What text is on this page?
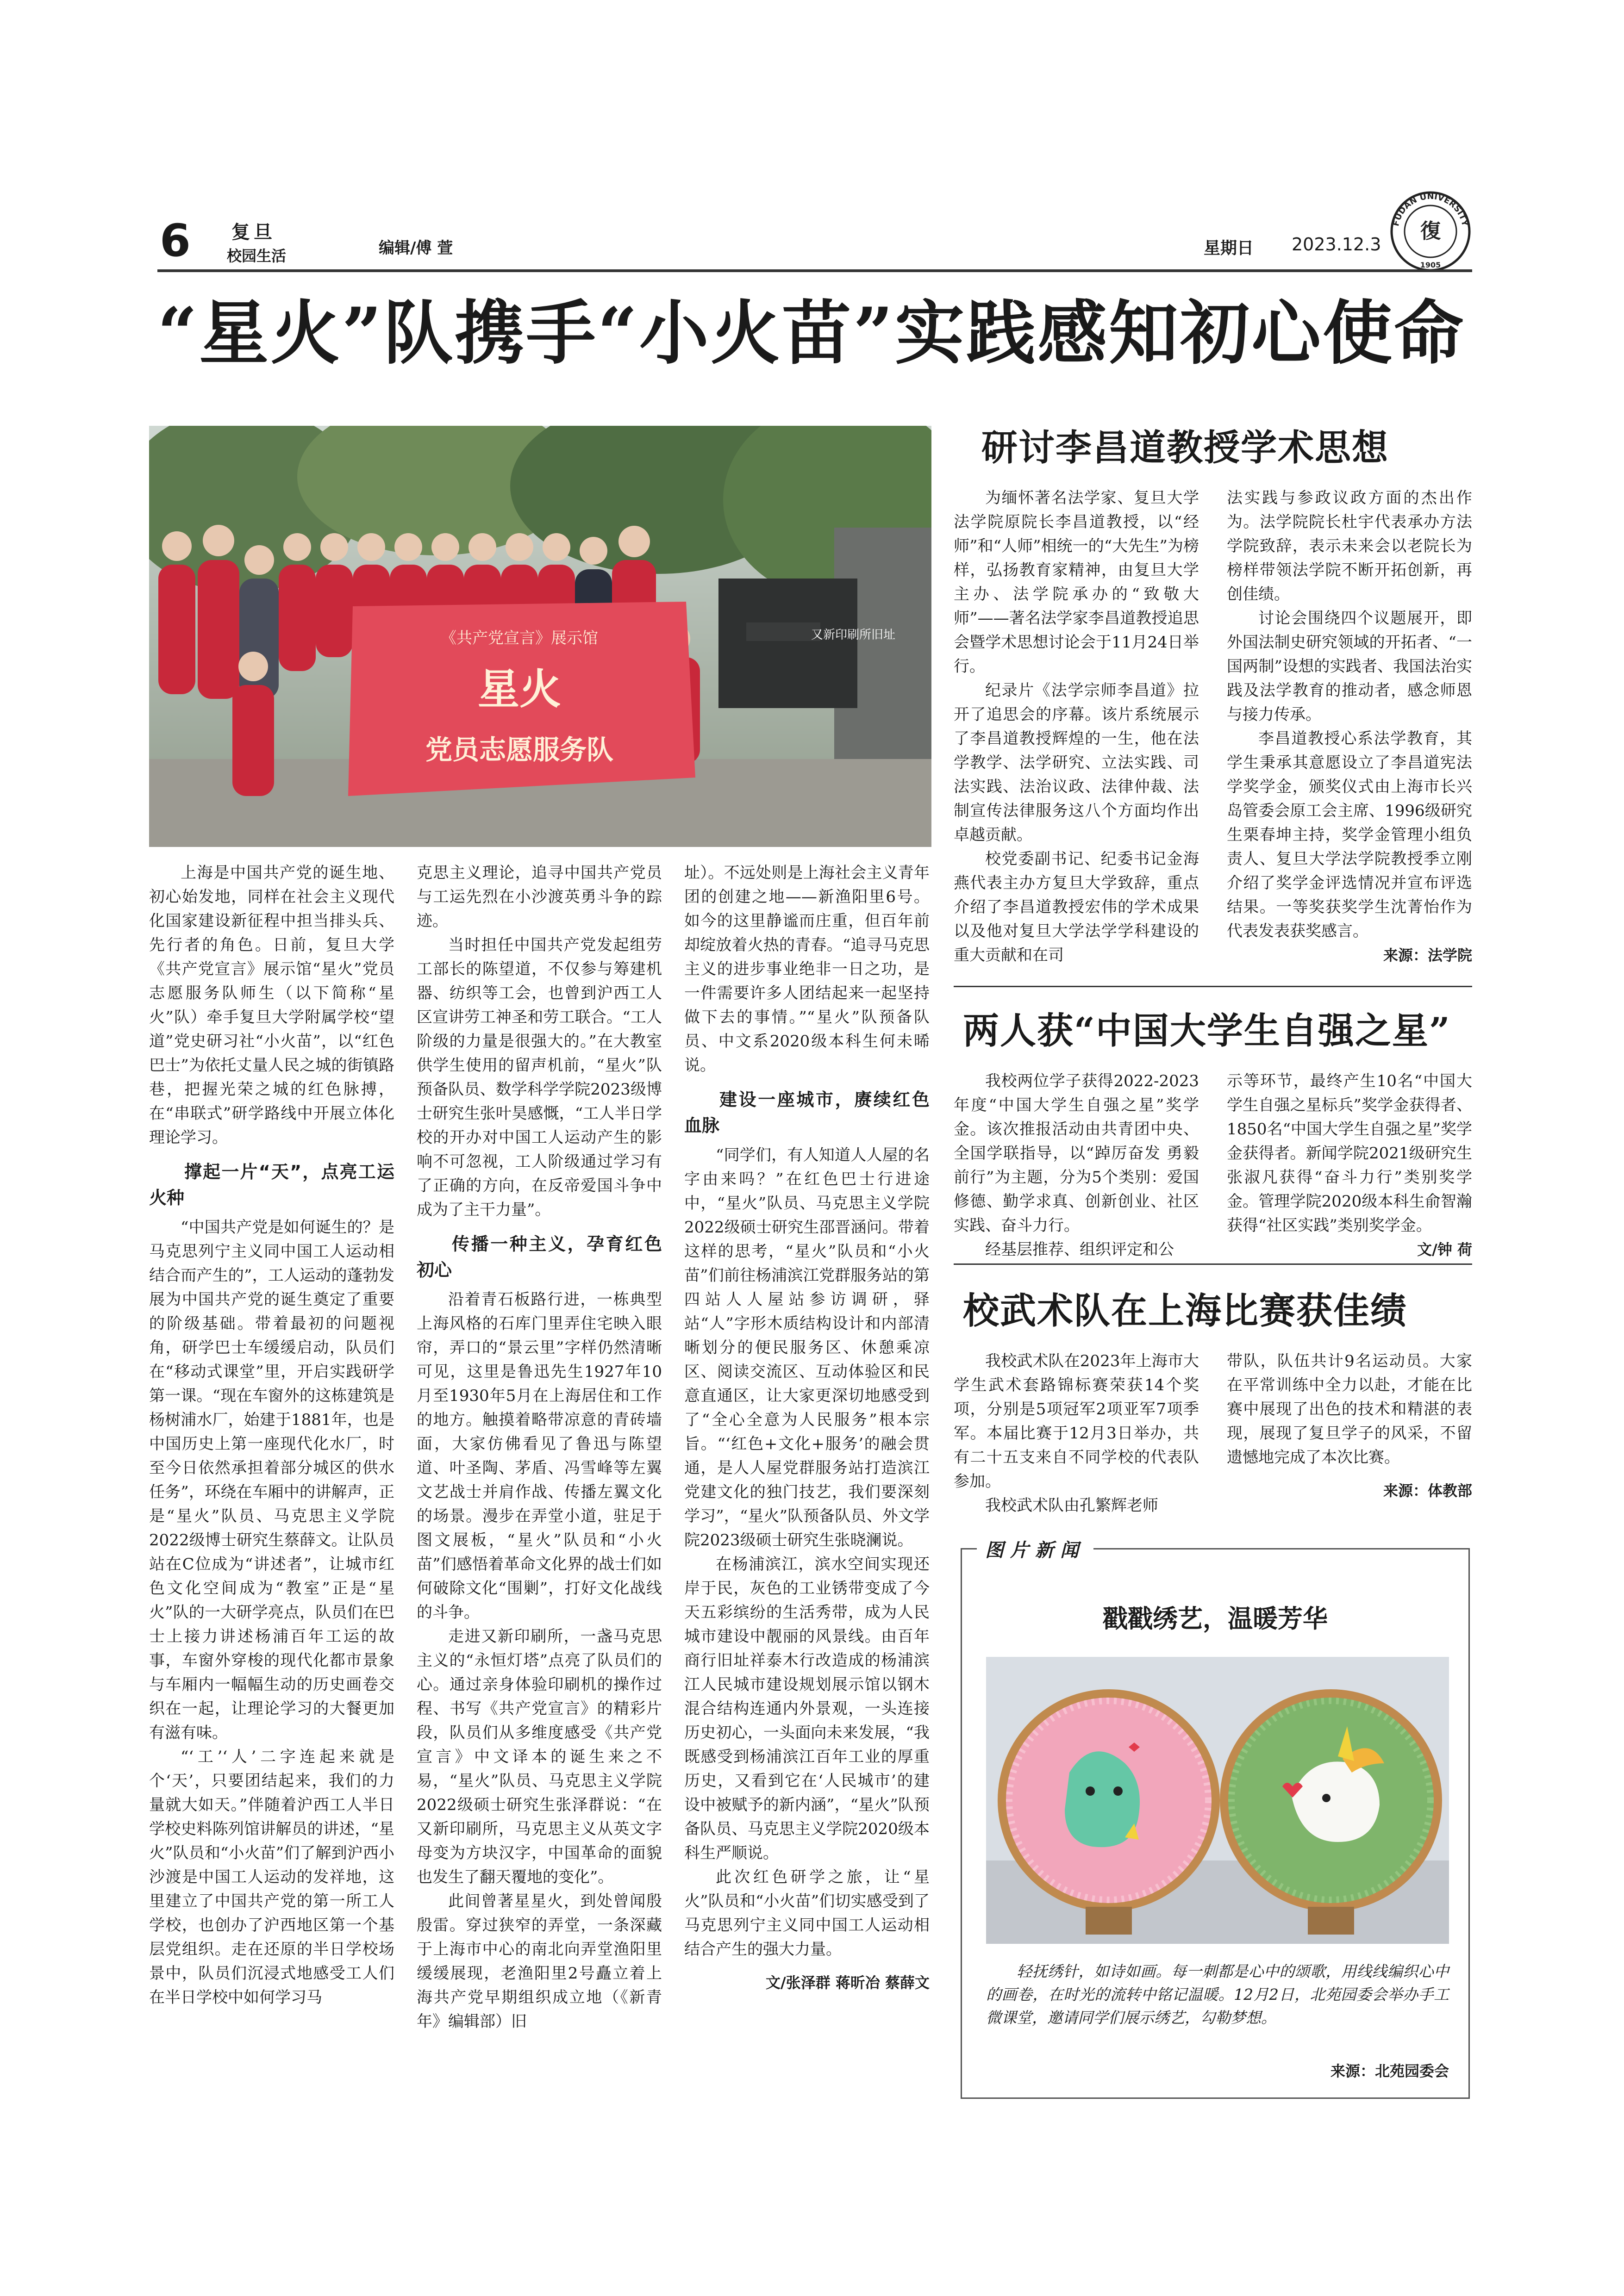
6 复旦
校园生活	编辑/傅 萱	星期日 2023.12.3
FUDAN UNIVERSITY
1905
復
“星火”队携手“小火苗”实践感知初心使命
又新印刷所旧址
《共产党宣言》展示馆
星火
党员志愿服务队

上海是中国共产党的诞生地、初心始发地，同样在社会主义现代化国家建设新征程中担当排头兵、先行者的角色。日前，复旦大学《共产党宣言》展示馆“星火”党员志愿服务队师生（以下简称“星火”队）牵手复旦大学附属学校“望道”党史研习社“小火苗”，以“红色巴士”为依托丈量人民之城的街镇路巷，把握光荣之城的红色脉搏，在“串联式”研学路线中开展立体化理论学习。

撑起一片“天”，点亮工运火种

“中国共产党是如何诞生的？是马克思列宁主义同中国工人运动相结合而产生的”，工人运动的蓬勃发展为中国共产党的诞生奠定了重要的阶级基础。带着最初的问题视角，研学巴士车缓缓启动，队员们在“移动式课堂”里，开启实践研学第一课。“现在车窗外的这栋建筑是杨树浦水厂，始建于1881年，也是中国历史上第一座现代化水厂，时至今日依然承担着部分城区的供水任务”，环绕在车厢中的讲解声，正是“星火”队员、马克思主义学院2022级博士研究生蔡薛文。让队员站在C位成为“讲述者”，让城市红色文化空间成为“教室”正是“星火”队的一大研学亮点，队员们在巴士上接力讲述杨浦百年工运的故事，车窗外穿梭的现代化都市景象与车厢内一幅幅生动的历史画卷交织在一起，让理论学习的大餐更加有滋有味。

“‘工’‘人’二字连起来就是个‘天’，只要团结起来，我们的力量就大如天。”伴随着沪西工人半日学校史料陈列馆讲解员的讲述，“星火”队员和“小火苗”们了解到沪西小沙渡是中国工人运动的发祥地，这里建立了中国共产党的第一所工人学校，也创办了沪西地区第一个基层党组织。走在还原的半日学校场景中，队员们沉浸式地感受工人们在半日学校中如何学习马

克思主义理论，追寻中国共产党员与工运先烈在小沙渡英勇斗争的踪迹。

当时担任中国共产党发起组劳工部长的陈望道，不仅参与筹建机器、纺织等工会，也曾到沪西工人区宣讲劳工神圣和劳工联合。“工人阶级的力量是很强大的。”在大教室供学生使用的留声机前，“星火”队预备队员、数学科学学院2023级博士研究生张叶昊感慨，“工人半日学校的开办对中国工人运动产生的影响不可忽视，工人阶级通过学习有了正确的方向，在反帝爱国斗争中成为了主干力量”。

传播一种主义，孕育红色初心

沿着青石板路行进，一栋典型上海风格的石库门里弄住宅映入眼帘，弄口的“景云里”字样仍然清晰可见，这里是鲁迅先生1927年10月至1930年5月在上海居住和工作的地方。触摸着略带凉意的青砖墙面，大家仿佛看见了鲁迅与陈望道、叶圣陶、茅盾、冯雪峰等左翼文艺战士并肩作战、传播左翼文化的场景。漫步在弄堂小道，驻足于图文展板，“星火”队员和“小火苗”们感悟着革命文化界的战士们如何破除文化“围剿”，打好文化战线的斗争。

走进又新印刷所，一盏马克思主义的“永恒灯塔”点亮了队员们的心。通过亲身体验印刷机的操作过程、书写《共产党宣言》的精彩片段，队员们从多维度感受《共产党宣言》中文译本的诞生来之不易，“星火”队员、马克思主义学院2022级硕士研究生张泽群说：“在又新印刷所，马克思主义从英文字母变为方块汉字，中国革命的面貌也发生了翻天覆地的变化”。

此间曾著星星火，到处曾闻殷殷雷。穿过狭窄的弄堂，一条深藏于上海市中心的南北向弄堂渔阳里缓缓展现，老渔阳里2号矗立着上海共产党早期组织成立地（《新青年》编辑部）旧

址）。不远处则是上海社会主义青年团的创建之地——新渔阳里6号。如今的这里静谧而庄重，但百年前却绽放着火热的青春。“追寻马克思主义的进步事业绝非一日之功，是一件需要许多人团结起来一起坚持做下去的事情。”“星火”队预备队员、中文系2020级本科生何未晞说。

建设一座城市，赓续红色血脉

“同学们，有人知道人人屋的名字由来吗？”在红色巴士行进途中，“星火”队员、马克思主义学院2022级硕士研究生邵晋涵问。带着这样的思考，“星火”队员和“小火苗”们前往杨浦滨江党群服务站的第四站人人屋站参访调研，驿站“人”字形木质结构设计和内部清晰划分的便民服务区、休憩乘凉区、阅读交流区、互动体验区和民意直通区，让大家更深切地感受到了“全心全意为人民服务”根本宗旨。“‘红色+文化+服务’的融会贯通，是人人屋党群服务站打造滨江党建文化的独门技艺，我们要深刻学习”，“星火”队预备队员、外文学院2023级硕士研究生张晓澜说。

在杨浦滨江，滨水空间实现还岸于民，灰色的工业锈带变成了今天五彩缤纷的生活秀带，成为人民城市建设中靓丽的风景线。由百年商行旧址祥泰木行改造成的杨浦滨江人民城市建设规划展示馆以钢木混合结构连通内外景观，一头连接历史初心，一头面向未来发展，“我既感受到杨浦滨江百年工业的厚重历史，又看到它在‘人民城市’的建设中被赋予的新内涵”，“星火”队预备队员、马克思主义学院2020级本科生严顺说。

此次红色研学之旅，让“星火”队员和“小火苗”们切实感受到了马克思列宁主义同中国工人运动相结合产生的强大力量。

文/张泽群 蒋昕冶 蔡薛文
研讨李昌道教授学术思想

为缅怀著名法学家、复旦大学法学院原院长李昌道教授，以“经师”和“人师”相统一的“大先生”为榜样，弘扬教育家精神，由复旦大学主办、法学院承办的“致敬大师”——著名法学家李昌道教授追思会暨学术思想讨论会于11月24日举行。

纪录片《法学宗师李昌道》拉开了追思会的序幕。该片系统展示了李昌道教授辉煌的一生，他在法学教学、法学研究、立法实践、司法实践、法治议政、法律仲裁、法制宣传法律服务这八个方面均作出卓越贡献。

校党委副书记、纪委书记金海燕代表主办方复旦大学致辞，重点介绍了李昌道教授宏伟的学术成果以及他对复旦大学法学学科建设的重大贡献和在司

法实践与参政议政方面的杰出作为。法学院院长杜宇代表承办方法学院致辞，表示未来会以老院长为榜样带领法学院不断开拓创新，再创佳绩。

讨论会围绕四个议题展开，即外国法制史研究领域的开拓者、“一国两制”设想的实践者、我国法治实践及法学教育的推动者，感念师恩与接力传承。

李昌道教授心系法学教育，其学生秉承其意愿设立了李昌道宪法学奖学金，颁奖仪式由上海市长兴岛管委会原工会主席、1996级研究生栗春坤主持，奖学金管理小组负责人、复旦大学法学院教授季立刚介绍了奖学金评选情况并宣布评选结果。一等奖获奖学生沈菁怡作为代表发表获奖感言。

来源：法学院
两人获“中国大学生自强之星”

我校两位学子获得2022-2023年度“中国大学生自强之星”奖学金。该次推报活动由共青团中央、全国学联指导，以“踔厉奋发 勇毅前行”为主题，分为5个类别：爱国修德、勤学求真、创新创业、社区实践、奋斗力行。

经基层推荐、组织评定和公

示等环节，最终产生10名“中国大学生自强之星标兵”奖学金获得者、1850名“中国大学生自强之星”奖学金获得者。新闻学院2021级研究生张淑凡获得“奋斗力行”类别奖学金。管理学院2020级本科生俞智瀚获得“社区实践”类别奖学金。

文/钟 荷
校武术队在上海比赛获佳绩

我校武术队在2023年上海市大学生武术套路锦标赛荣获14个奖项，分别是5项冠军2项亚军7项季军。本届比赛于12月3日举办，共有二十五支来自不同学校的代表队参加。

我校武术队由孔繁辉老师

带队，队伍共计9名运动员。大家在平常训练中全力以赴，才能在比赛中展现了出色的技术和精湛的表现，展现了复旦学子的风采，不留遗憾地完成了本次比赛。

来源：体教部
图片新闻
戳戳绣艺，温暖芳华
轻抚绣针，如诗如画。每一刺都是心中的颂歌，用线线编织心中的画卷，在时光的流转中铭记温暖。12月2日，北苑园委会举办手工微课堂，邀请同学们展示绣艺，勾勒梦想。
来源：北苑园委会
